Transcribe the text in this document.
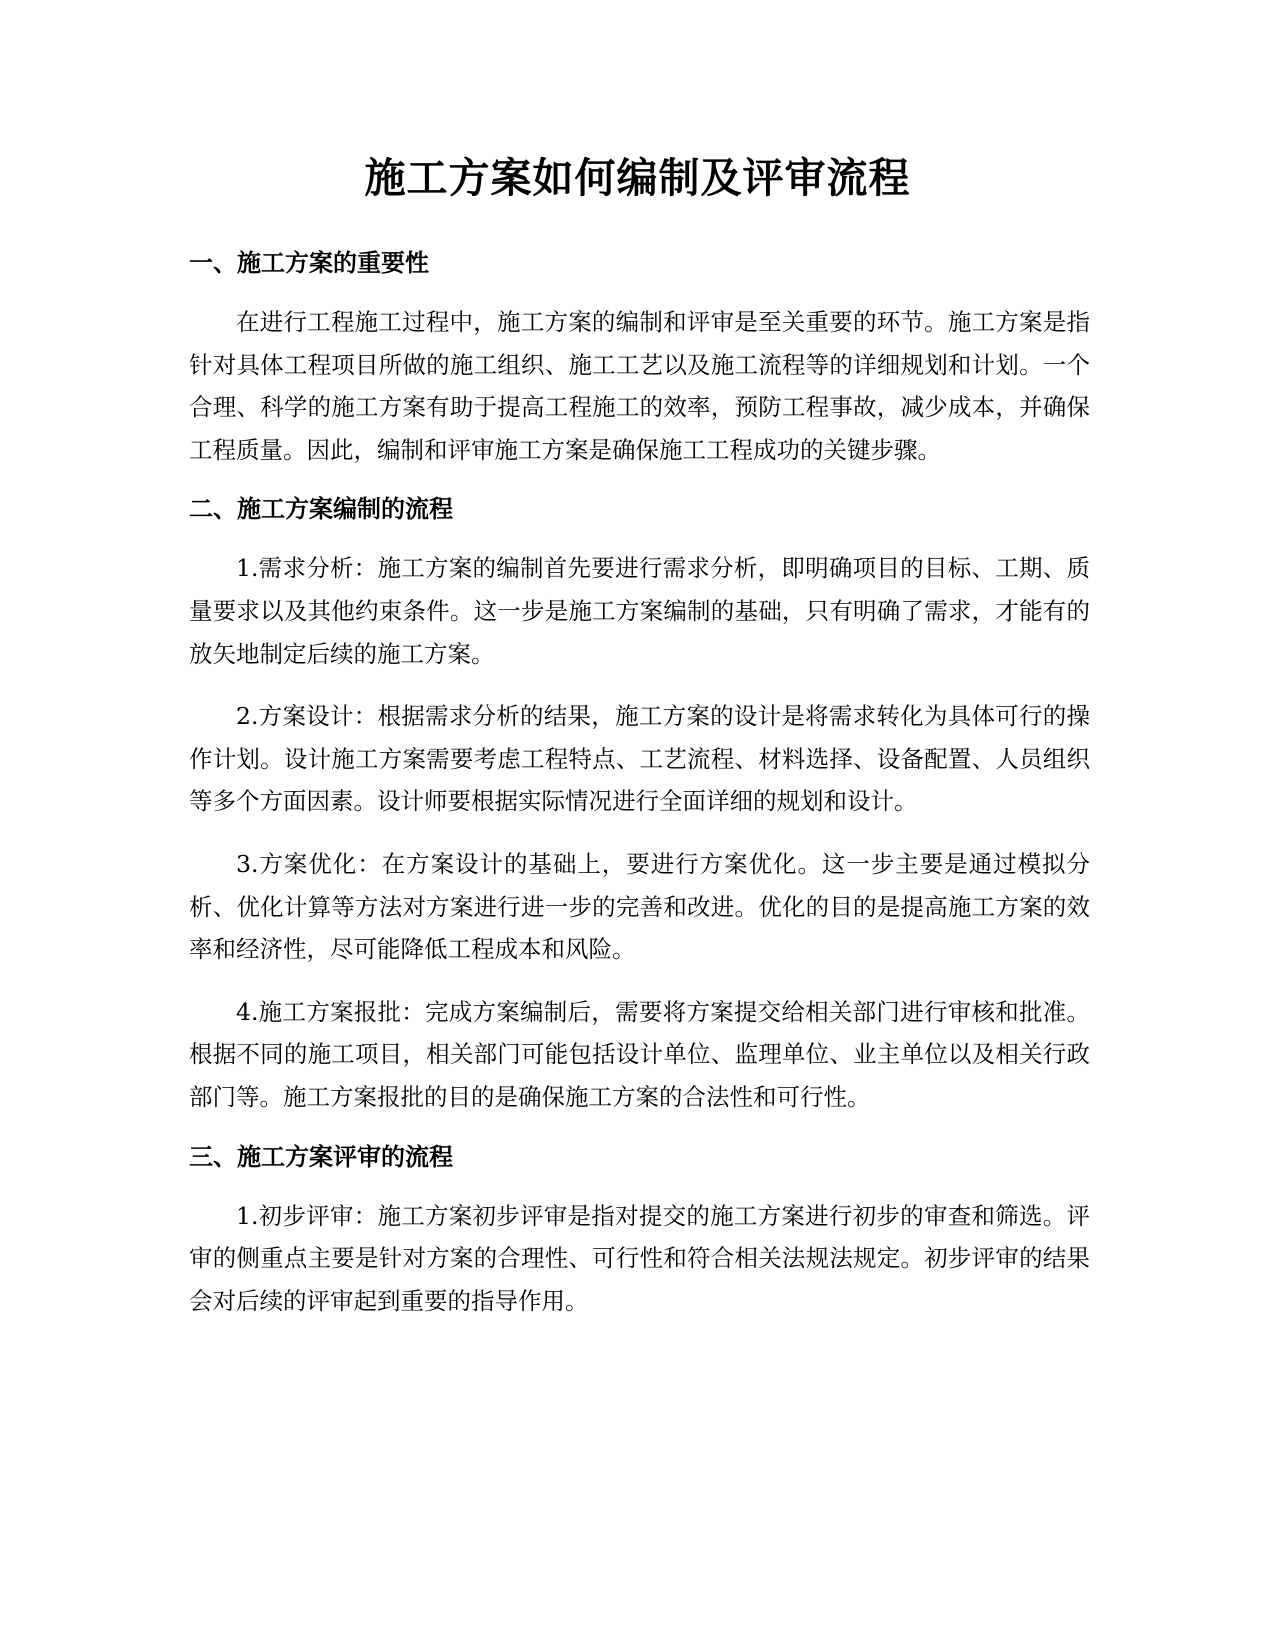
施工方案如何编制及评审流程
一、施工方案的重要性

在进行工程施工过程中，施工方案的编制和评审是至关重要的环节。施工方案是指针对具体工程项目所做的施工组织、施工工艺以及施工流程等的详细规划和计划。一个合理、科学的施工方案有助于提高工程施工的效率，预防工程事故，减少成本，并确保工程质量。因此，编制和评审施工方案是确保施工工程成功的关键步骤。

二、施工方案编制的流程

1.需求分析：施工方案的编制首先要进行需求分析，即明确项目的目标、工期、质量要求以及其他约束条件。这一步是施工方案编制的基础，只有明确了需求，才能有的放矢地制定后续的施工方案。

2.方案设计：根据需求分析的结果，施工方案的设计是将需求转化为具体可行的操作计划。设计施工方案需要考虑工程特点、工艺流程、材料选择、设备配置、人员组织等多个方面因素。设计师要根据实际情况进行全面详细的规划和设计。

3.方案优化：在方案设计的基础上，要进行方案优化。这一步主要是通过模拟分析、优化计算等方法对方案进行进一步的完善和改进。优化的目的是提高施工方案的效率和经济性，尽可能降低工程成本和风险。

4.施工方案报批：完成方案编制后，需要将方案提交给相关部门进行审核和批准。根据不同的施工项目，相关部门可能包括设计单位、监理单位、业主单位以及相关行政部门等。施工方案报批的目的是确保施工方案的合法性和可行性。

三、施工方案评审的流程

1.初步评审：施工方案初步评审是指对提交的施工方案进行初步的审查和筛选。评审的侧重点主要是针对方案的合理性、可行性和符合相关法规法规定。初步评审的结果会对后续的评审起到重要的指导作用。
